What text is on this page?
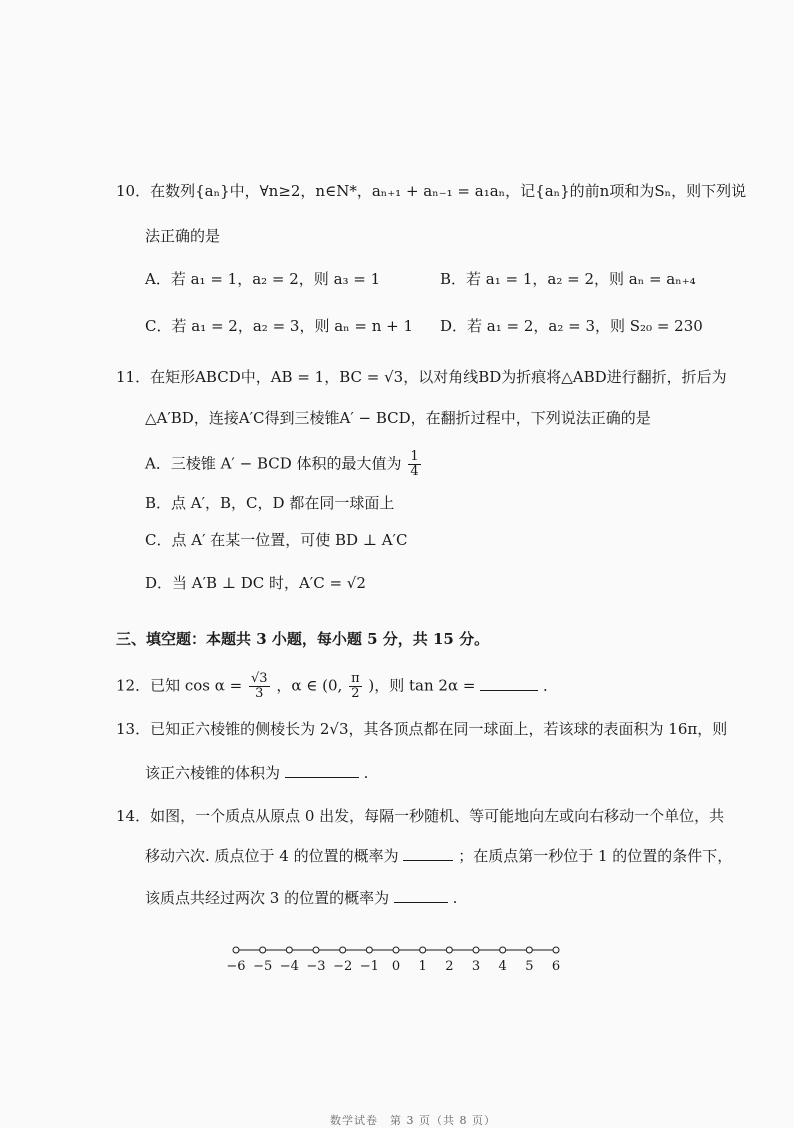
10．在数列{aₙ}中，∀n≥2，n∈N*，aₙ₊₁ + aₙ₋₁ = a₁aₙ，记{aₙ}的前n项和为Sₙ，则下列说
法正确的是
A．若 a₁ = 1，a₂ = 2，则 a₃ = 1	B．若 a₁ = 1，a₂ = 2，则 aₙ = aₙ₊₄
C．若 a₁ = 2，a₂ = 3，则 aₙ = n + 1 D．若 a₁ = 2，a₂ = 3，则 S₂₀ = 230
11．在矩形ABCD中，AB = 1，BC = √3，以对角线BD为折痕将△ABD进行翻折，折后为
△A′BD，连接A′C得到三棱锥A′ − BCD，在翻折过程中，下列说法正确的是
A．三棱锥 A′ − BCD 体积的最大值为 $\frac{1}{4}$
B．点 A′，B，C，D 都在同一球面上
C．点 A′ 在某一位置，可使 BD ⊥ A′C
D．当 A′B ⊥ DC 时，A′C = √2
三、填空题：本题共 3 小题，每小题 5 分，共 15 分。
12．已知 $\cos \alpha = \frac{√3}{3}$ ，α ∈ (0, $\frac{\pi}{2}$ )，则 tan 2α =	．
13．已知正六棱锥的侧棱长为 2√3，其各顶点都在同一球面上，若该球的表面积为 16π，则
该正六棱锥的体积为	.
14．如图，一个质点从原点 0 出发，每隔一秒随机、等可能地向左或向右移动一个单位，共
移动六次. 质点位于 4 的位置的概率为	；在质点第一秒位于 1 的位置的条件下，
该质点共经过两次 3 的位置的概率为	.
−6 −5 −4 −3 −2 −1 0 1 2 3 4 5 6
数学试卷　第 3 页（共 8 页）
